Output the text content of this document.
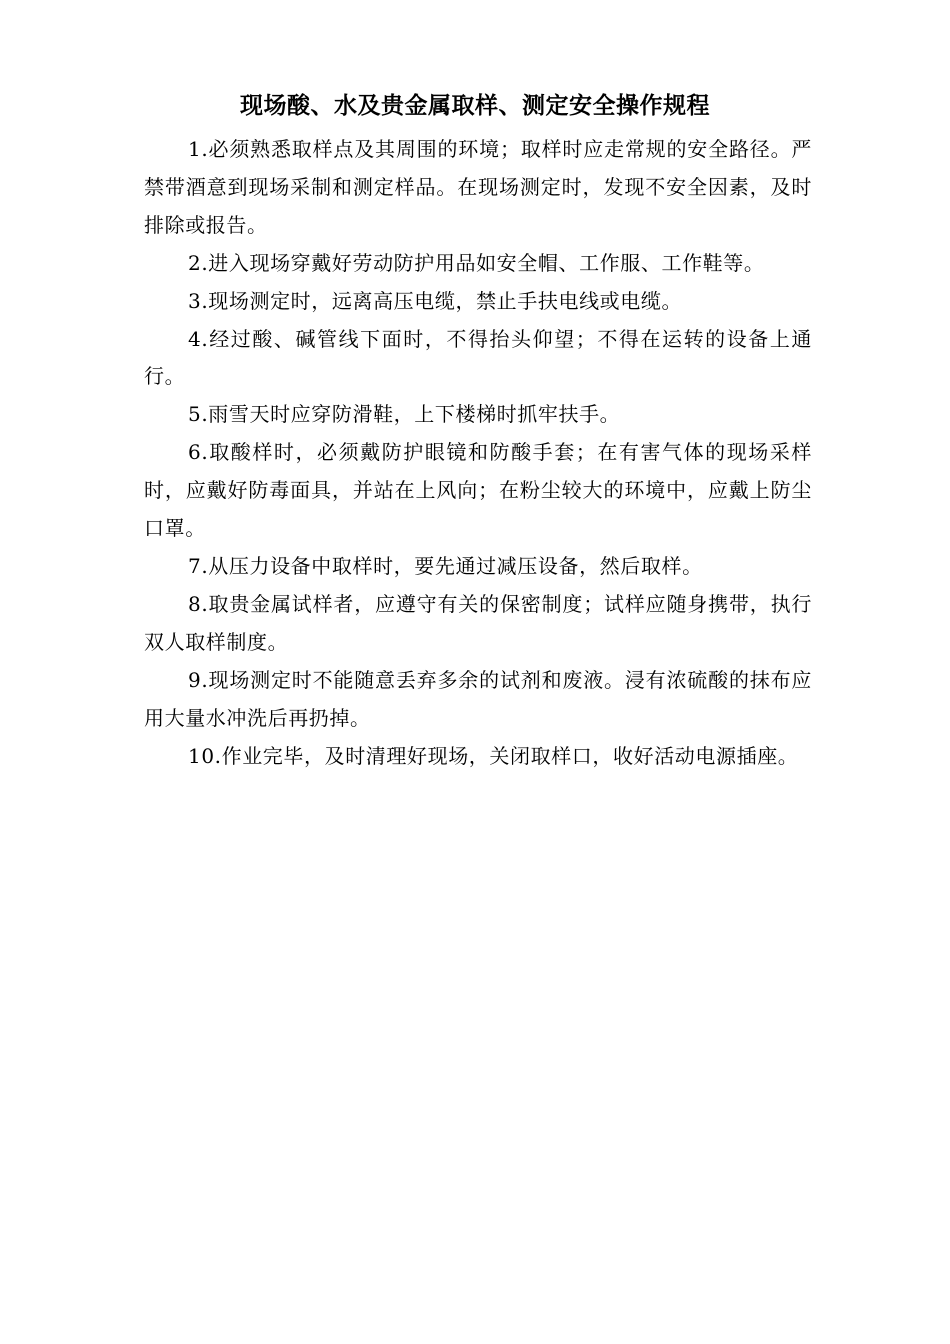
现场酸、水及贵金属取样、测定安全操作规程

1.必须熟悉取样点及其周围的环境；取样时应走常规的安全路径。严禁带酒意到现场采制和测定样品。在现场测定时，发现不安全因素，及时排除或报告。

2.进入现场穿戴好劳动防护用品如安全帽、工作服、工作鞋等。

3.现场测定时，远离高压电缆，禁止手扶电线或电缆。

4.经过酸、碱管线下面时，不得抬头仰望；不得在运转的设备上通行。

5.雨雪天时应穿防滑鞋，上下楼梯时抓牢扶手。

6.取酸样时，必须戴防护眼镜和防酸手套；在有害气体的现场采样时，应戴好防毒面具，并站在上风向；在粉尘较大的环境中，应戴上防尘口罩。

7.从压力设备中取样时，要先通过减压设备，然后取样。

8.取贵金属试样者，应遵守有关的保密制度；试样应随身携带，执行双人取样制度。

9.现场测定时不能随意丢弃多余的试剂和废液。浸有浓硫酸的抹布应用大量水冲洗后再扔掉。

10.作业完毕，及时清理好现场，关闭取样口，收好活动电源插座。
